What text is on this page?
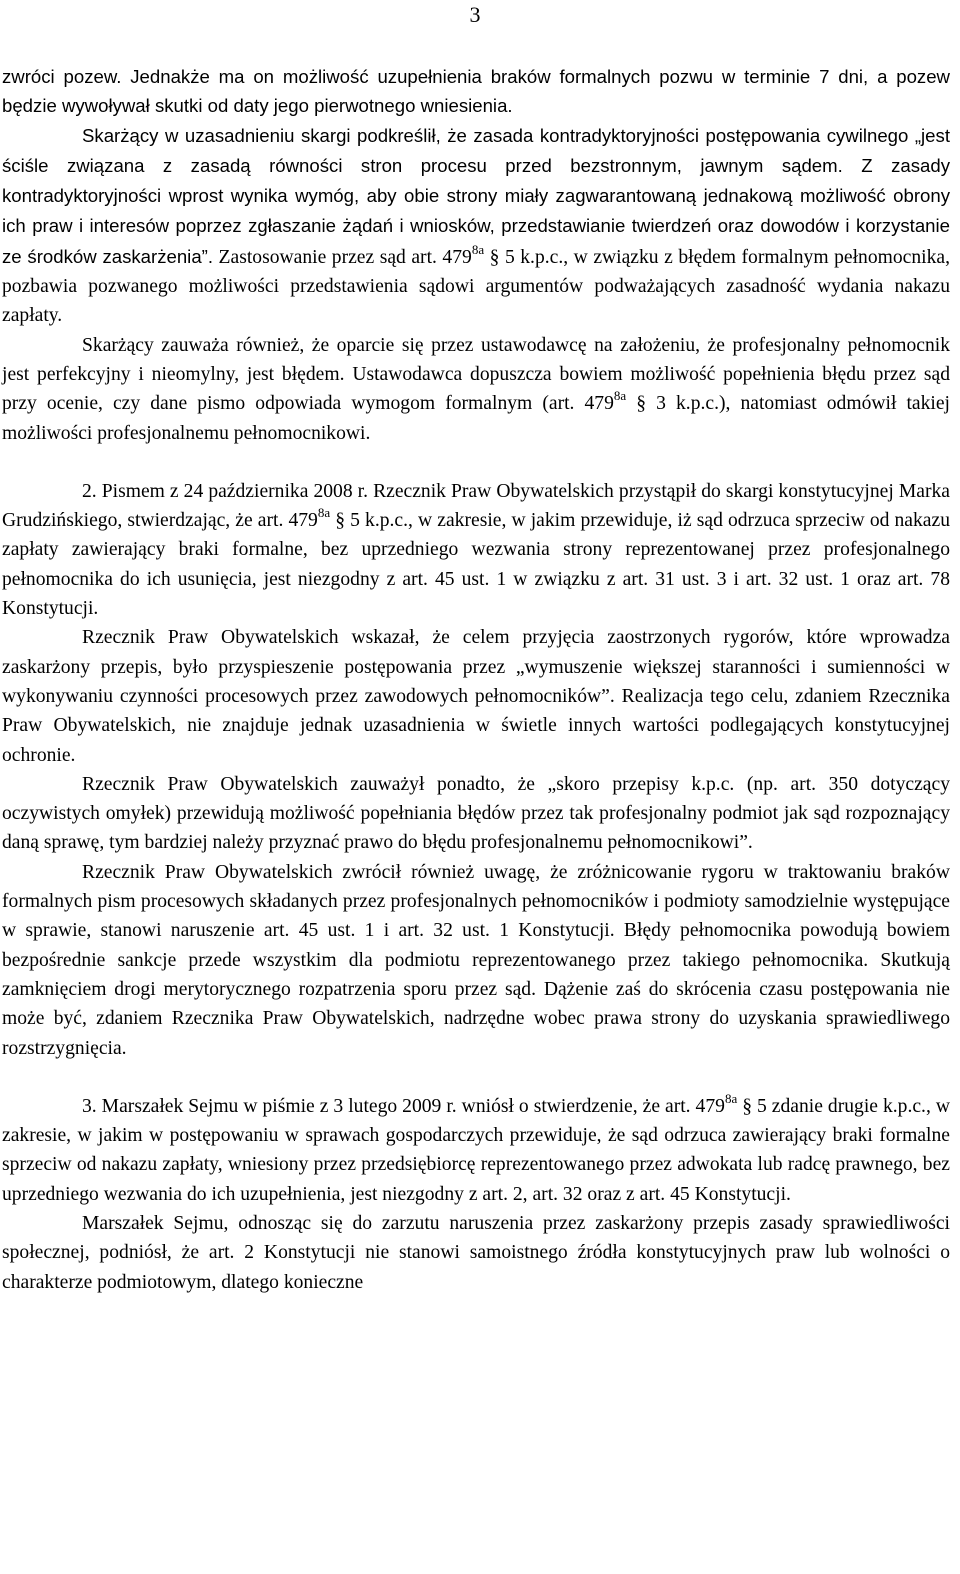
3

zwróci pozew. Jednakże ma on możliwość uzupełnienia braków formalnych pozwu w terminie 7 dni, a pozew będzie wywoływał skutki od daty jego pierwotnego wniesienia.

Skarżący w uzasadnieniu skargi podkreślił, że zasada kontradyktoryjności postępowania cywilnego „jest ściśle związana z zasadą równości stron procesu przed bezstronnym, jawnym sądem. Z zasady kontradyktoryjności wprost wynika wymóg, aby obie strony miały zagwarantowaną jednakową możliwość obrony ich praw i interesów poprzez zgłaszanie żądań i wniosków, przedstawianie twierdzeń oraz dowodów i korzystanie ze środków zaskarżenia”. Zastosowanie przez sąd art. $479^{8a}$ § 5 k.p.c., w związku z błędem formalnym pełnomocnika, pozbawia pozwanego możliwości przedstawienia sądowi argumentów podważających zasadność wydania nakazu zapłaty.

Skarżący zauważa również, że oparcie się przez ustawodawcę na założeniu, że profesjonalny pełnomocnik jest perfekcyjny i nieomylny, jest błędem. Ustawodawca dopuszcza bowiem możliwość popełnienia błędu przez sąd przy ocenie, czy dane pismo odpowiada wymogom formalnym (art. $479^{8a}$ § 3 k.p.c.), natomiast odmówił takiej możliwości profesjonalnemu pełnomocnikowi.

2. Pismem z 24 października 2008 r. Rzecznik Praw Obywatelskich przystąpił do skargi konstytucyjnej Marka Grudzińskiego, stwierdzając, że art. $479^{8a}$ § 5 k.p.c., w zakresie, w jakim przewiduje, iż sąd odrzuca sprzeciw od nakazu zapłaty zawierający braki formalne, bez uprzedniego wezwania strony reprezentowanej przez profesjonalnego pełnomocnika do ich usunięcia, jest niezgodny z art. 45 ust. 1 w związku z art. 31 ust. 3 i art. 32 ust. 1 oraz art. 78 Konstytucji.

Rzecznik Praw Obywatelskich wskazał, że celem przyjęcia zaostrzonych rygorów, które wprowadza zaskarżony przepis, było przyspieszenie postępowania przez „wymuszenie większej staranności i sumienności w wykonywaniu czynności procesowych przez zawodowych pełnomocników”. Realizacja tego celu, zdaniem Rzecznika Praw Obywatelskich, nie znajduje jednak uzasadnienia w świetle innych wartości podlegających konstytucyjnej ochronie.

Rzecznik Praw Obywatelskich zauważył ponadto, że „skoro przepisy k.p.c. (np. art. 350 dotyczący oczywistych omyłek) przewidują możliwość popełniania błędów przez tak profesjonalny podmiot jak sąd rozpoznający daną sprawę, tym bardziej należy przyznać prawo do błędu profesjonalnemu pełnomocnikowi”.

Rzecznik Praw Obywatelskich zwrócił również uwagę, że zróżnicowanie rygoru w traktowaniu braków formalnych pism procesowych składanych przez profesjonalnych pełnomocników i podmioty samodzielnie występujące w sprawie, stanowi naruszenie art. 45 ust. 1 i art. 32 ust. 1 Konstytucji. Błędy pełnomocnika powodują bowiem bezpośrednie sankcje przede wszystkim dla podmiotu reprezentowanego przez takiego pełnomocnika. Skutkują zamknięciem drogi merytorycznego rozpatrzenia sporu przez sąd. Dążenie zaś do skrócenia czasu postępowania nie może być, zdaniem Rzecznika Praw Obywatelskich, nadrzędne wobec prawa strony do uzyskania sprawiedliwego rozstrzygnięcia.

3. Marszałek Sejmu w piśmie z 3 lutego 2009 r. wniósł o stwierdzenie, że art. $479^{8a}$ § 5 zdanie drugie k.p.c., w zakresie, w jakim w postępowaniu w sprawach gospodarczych przewiduje, że sąd odrzuca zawierający braki formalne sprzeciw od nakazu zapłaty, wniesiony przez przedsiębiorcę reprezentowanego przez adwokata lub radcę prawnego, bez uprzedniego wezwania do ich uzupełnienia, jest niezgodny z art. 2, art. 32 oraz z art. 45 Konstytucji.

Marszałek Sejmu, odnosząc się do zarzutu naruszenia przez zaskarżony przepis zasady sprawiedliwości społecznej, podniósł, że art. 2 Konstytucji nie stanowi samoistnego źródła konstytucyjnych praw lub wolności o charakterze podmiotowym, dlatego konieczne
